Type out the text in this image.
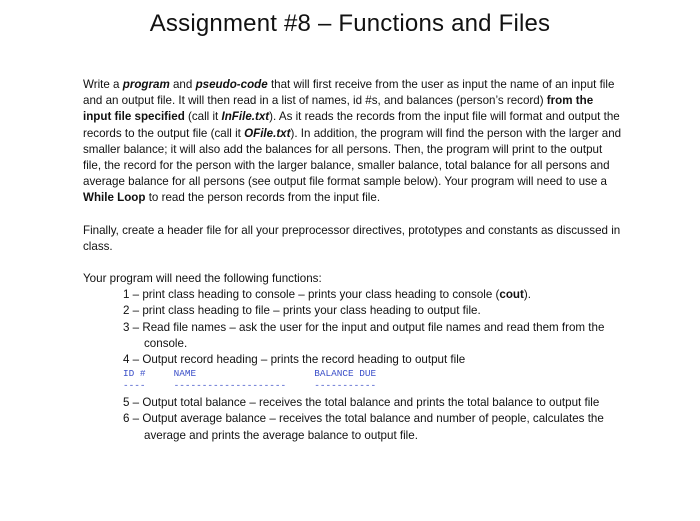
Assignment #8 – Functions and Files

Write a program and pseudo-code that will first receive from the user as input the name of an input file and an output file. It will then read in a list of names, id #s, and balances (person’s record) from the input file specified (call it InFile.txt). As it reads the records from the input file will format and output the records to the output file (call it OFile.txt). In addition, the program will find the person with the larger and smaller balance; it will also add the balances for all persons. Then, the program will print to the output file, the record for the person with the larger balance, smaller balance, total balance for all persons and average balance for all persons (see output file format sample below). Your program will need to use a While Loop to read the person records from the input file.

Finally, create a header file for all your preprocessor directives, prototypes and constants as discussed in class.

Your program will need the following functions:

1 – print class heading to console – prints your class heading to console (cout).
2 – print class heading to file – prints your class heading to output file.
3 – Read file names – ask the user for the input and output file names and read them from the console.
4 – Output record heading – prints the record heading to output file
ID #     NAME                     BALANCE DUE
----     --------------------     -----------
5 – Output total balance – receives the total balance and prints the total balance to output file
6 – Output average balance – receives the total balance and number of people, calculates the average and prints the average balance to output file.
